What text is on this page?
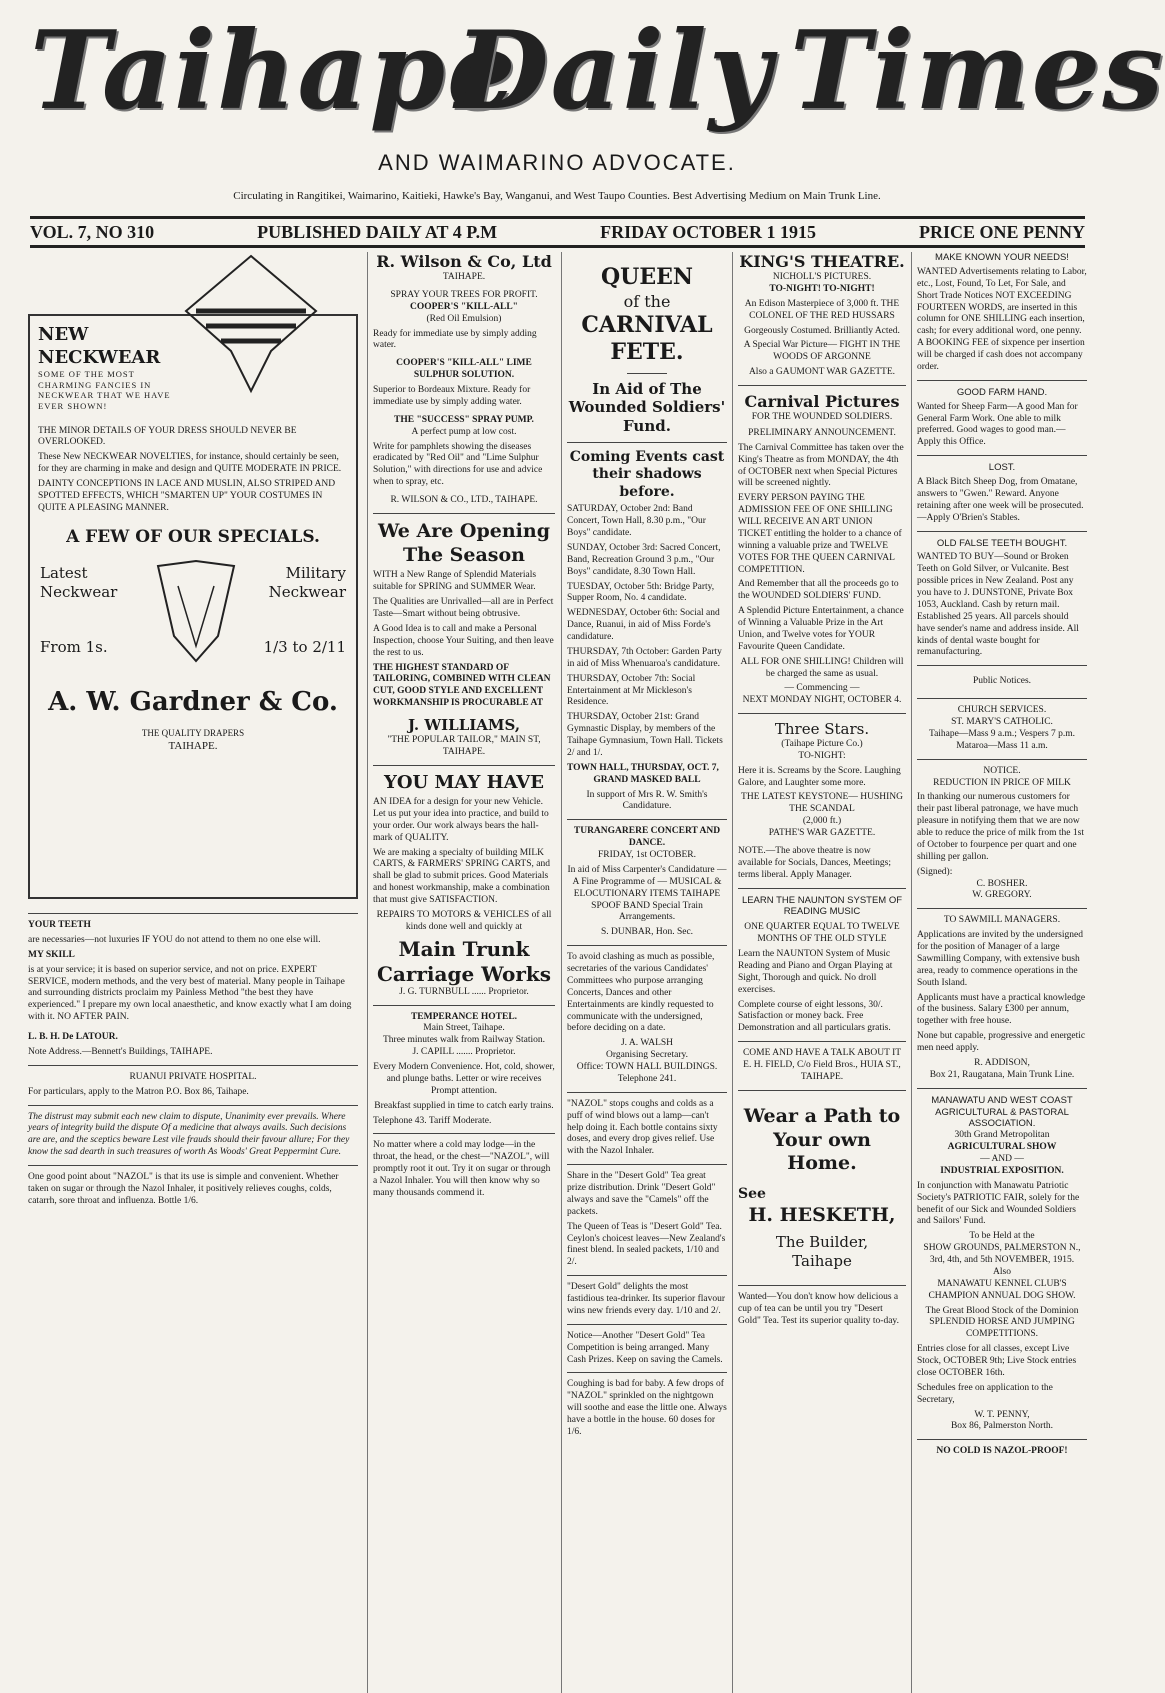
Taihape
Daily Times
AND WAIMARINO ADVOCATE.
Circulating in Rangitikei, Waimarino, Kaitieki, Hawke's Bay, Wanganui, and West Taupo Counties. Best Advertising Medium on Main Trunk Line.
VOL. 7, NO 310	PUBLISHED DAILY AT 4 P.M	FRIDAY OCTOBER 1 1915	PRICE ONE PENNY
NEW NECKWEAR
SOME OF THE MOST CHARMING FANCIES IN NECKWEAR THAT WE HAVE EVER SHOWN!

THE MINOR DETAILS OF YOUR DRESS SHOULD NEVER BE OVERLOOKED.

These New NECKWEAR NOVELTIES, for instance, should certainly be seen, for they are charming in make and design and QUITE MODERATE IN PRICE.

DAINTY CONCEPTIONS IN LACE AND MUSLIN, ALSO STRIPED AND SPOTTED EFFECTS, WHICH "SMARTEN UP" YOUR COSTUMES IN QUITE A PLEASING MANNER.

A FEW OF OUR SPECIALS.
Latest Neckwear
From 1s.
Military Neckwear
1/3 to 2/11
A. W. Gardner & Co.
THE QUALITY DRAPERS
TAIHAPE.
YOUR TEETH

are necessaries—not luxuries IF YOU do not attend to them no one else will.

MY SKILL

is at your service; it is based on superior service, and not on price. EXPERT SERVICE, modern methods, and the very best of material. Many people in Taihape and surrounding districts proclaim my Painless Method "the best they have experienced." I prepare my own local anaesthetic, and know exactly what I am doing with it. NO AFTER PAIN.

L. B. H. De LATOUR.

Note Address.—Bennett's Buildings, TAIHAPE.

RUANUI PRIVATE HOSPITAL.

For particulars, apply to the Matron P.O. Box 86, Taihape.

The distrust may submit each new claim to dispute, Unanimity ever prevails. Where years of integrity build the dispute Of a medicine that always avails. Such decisions are are, and the sceptics beware Lest vile frauds should their favour allure; For they know the sad dearth in such treasures of worth As Woods' Great Peppermint Cure.

One good point about "NAZOL" is that its use is simple and convenient. Whether taken on sugar or through the Nazol Inhaler, it positively relieves coughs, colds, catarrh, sore throat and influenza. Bottle 1/6.

R. Wilson & Co, Ltd
TAIHAPE.
SPRAY YOUR TREES FOR PROFIT.
COOPER'S "KILL-ALL"
(Red Oil Emulsion)

Ready for immediate use by simply adding water.

COOPER'S "KILL-ALL" LIME SULPHUR SOLUTION.

Superior to Bordeaux Mixture. Ready for immediate use by simply adding water.

THE "SUCCESS" SPRAY PUMP.
A perfect pump at low cost.

Write for pamphlets showing the diseases eradicated by "Red Oil" and "Lime Sulphur Solution," with directions for use and advice when to spray, etc.

R. WILSON & CO., LTD., TAIHAPE.
We Are Opening The Season

WITH a New Range of Splendid Materials suitable for SPRING and SUMMER Wear.

The Qualities are Unrivalled—all are in Perfect Taste—Smart without being obtrusive.

A Good Idea is to call and make a Personal Inspection, choose Your Suiting, and then leave the rest to us.

THE HIGHEST STANDARD OF TAILORING, COMBINED WITH CLEAN CUT, GOOD STYLE AND EXCELLENT WORKMANSHIP IS PROCURABLE AT

J. WILLIAMS,
"THE POPULAR TAILOR," MAIN ST, TAIHAPE.
YOU MAY HAVE

AN IDEA for a design for your new Vehicle. Let us put your idea into practice, and build to your order. Our work always bears the hall-mark of QUALITY.

We are making a specialty of building MILK CARTS, & FARMERS' SPRING CARTS, and shall be glad to submit prices. Good Materials and honest workmanship, make a combination that must give SATISFACTION.

REPAIRS TO MOTORS & VEHICLES of all kinds done well and quickly at

Main Trunk Carriage Works
J. G. TURNBULL ...... Proprietor.
TEMPERANCE HOTEL.
Main Street, Taihape.
Three minutes walk from Railway Station.
J. CAPILL ....... Proprietor.

Every Modern Convenience. Hot, cold, shower, and plunge baths. Letter or wire receives Prompt attention.

Breakfast supplied in time to catch early trains.

Telephone 43. Tariff Moderate.

No matter where a cold may lodge—in the throat, the head, or the chest—"NAZOL", will promptly root it out. Try it on sugar or through a Nazol Inhaler. You will then know why so many thousands commend it.

QUEEN
of the
CARNIVAL
FETE.
In Aid of The
Wounded Soldiers' Fund.
Coming Events cast their shadows before.

SATURDAY, October 2nd: Band Concert, Town Hall, 8.30 p.m., "Our Boys" candidate.

SUNDAY, October 3rd: Sacred Concert, Band, Recreation Ground 3 p.m., "Our Boys" candidate, 8.30 Town Hall.

TUESDAY, October 5th: Bridge Party, Supper Room, No. 4 candidate.

WEDNESDAY, October 6th: Social and Dance, Ruanui, in aid of Miss Forde's candidature.

THURSDAY, 7th October: Garden Party in aid of Miss Whenuaroa's candidature.

THURSDAY, October 7th: Social Entertainment at Mr Mickleson's Residence.

THURSDAY, October 21st: Grand Gymnastic Display, by members of the Taihape Gymnasium, Town Hall. Tickets 2/ and 1/.

TOWN HALL, THURSDAY, OCT. 7,
GRAND MASKED BALL

In support of Mrs R. W. Smith's Candidature.

TURANGARERE CONCERT AND DANCE.
FRIDAY, 1st OCTOBER.

In aid of Miss Carpenter's Candidature — A Fine Programme of — MUSICAL & ELOCUTIONARY ITEMS TAIHAPE SPOOF BAND Special Train Arrangements.

S. DUNBAR, Hon. Sec.

To avoid clashing as much as possible, secretaries of the various Candidates' Committees who purpose arranging Concerts, Dances and other Entertainments are kindly requested to communicate with the undersigned, before deciding on a date.

J. A. WALSH
Organising Secretary.
Office: TOWN HALL BUILDINGS. Telephone 241.

"NAZOL" stops coughs and colds as a puff of wind blows out a lamp—can't help doing it. Each bottle contains sixty doses, and every drop gives relief. Use with the Nazol Inhaler.

Share in the "Desert Gold" Tea great prize distribution. Drink "Desert Gold" always and save the "Camels" off the packets.

The Queen of Teas is "Desert Gold" Tea. Ceylon's choicest leaves—New Zealand's finest blend. In sealed packets, 1/10 and 2/.

"Desert Gold" delights the most fastidious tea-drinker. Its superior flavour wins new friends every day. 1/10 and 2/.

Notice—Another "Desert Gold" Tea Competition is being arranged. Many Cash Prizes. Keep on saving the Camels.

Coughing is bad for baby. A few drops of "NAZOL" sprinkled on the nightgown will soothe and ease the little one. Always have a bottle in the house. 60 doses for 1/6.

KING'S THEATRE.
NICHOLL'S PICTURES.
TO-NIGHT! TO-NIGHT!

An Edison Masterpiece of 3,000 ft. THE COLONEL OF THE RED HUSSARS

Gorgeously Costumed. Brilliantly Acted.

A Special War Picture— FIGHT IN THE WOODS OF ARGONNE

Also a GAUMONT WAR GAZETTE.
Carnival Pictures
FOR THE WOUNDED SOLDIERS.
PRELIMINARY ANNOUNCEMENT.

The Carnival Committee has taken over the King's Theatre as from MONDAY, the 4th of OCTOBER next when Special Pictures will be screened nightly.

EVERY PERSON PAYING THE ADMISSION FEE OF ONE SHILLING WILL RECEIVE AN ART UNION TICKET entitling the holder to a chance of winning a valuable prize and TWELVE VOTES FOR THE QUEEN CARNIVAL COMPETITION.

And Remember that all the proceeds go to the WOUNDED SOLDIERS' FUND.

A Splendid Picture Entertainment, a chance of Winning a Valuable Prize in the Art Union, and Twelve votes for YOUR Favourite Queen Candidate.

ALL FOR ONE SHILLING! Children will be charged the same as usual.

— Commencing —
NEXT MONDAY NIGHT, OCTOBER 4.
Three Stars.
(Taihape Picture Co.)
TO-NIGHT:

Here it is. Screams by the Score. Laughing Galore, and Laughter some more.

THE LATEST KEYSTONE— HUSHING THE SCANDAL
(2,000 ft.)
PATHE'S WAR GAZETTE.

NOTE.—The above theatre is now available for Socials, Dances, Meetings; terms liberal. Apply Manager.

LEARN THE NAUNTON SYSTEM OF READING MUSIC
ONE QUARTER EQUAL TO TWELVE MONTHS OF THE OLD STYLE

Learn the NAUNTON System of Music Reading and Piano and Organ Playing at Sight, Thorough and quick. No droll exercises.

Complete course of eight lessons, 30/. Satisfaction or money back. Free Demonstration and all particulars gratis.

COME AND HAVE A TALK ABOUT IT
E. H. FIELD, C/o Field Bros., HUIA ST., TAIHAPE.
Wear a Path to Your own Home.
See
H. HESKETH,
The Builder,
Taihape

Wanted—You don't know how delicious a cup of tea can be until you try "Desert Gold" Tea. Test its superior quality to-day.

MAKE KNOWN YOUR NEEDS!

WANTED Advertisements relating to Labor, etc., Lost, Found, To Let, For Sale, and Short Trade Notices NOT EXCEEDING FOURTEEN WORDS, are inserted in this column for ONE SHILLING each insertion, cash; for every additional word, one penny. A BOOKING FEE of sixpence per insertion will be charged if cash does not accompany order.

GOOD FARM HAND.

Wanted for Sheep Farm—A good Man for General Farm Work. One able to milk preferred. Good wages to good man.—Apply this Office.

LOST.

A Black Bitch Sheep Dog, from Omatane, answers to "Gwen." Reward. Anyone retaining after one week will be prosecuted.—Apply O'Brien's Stables.

OLD FALSE TEETH BOUGHT.

WANTED TO BUY—Sound or Broken Teeth on Gold Silver, or Vulcanite. Best possible prices in New Zealand. Post any you have to J. DUNSTONE, Private Box 1053, Auckland. Cash by return mail. Established 25 years. All parcels should have sender's name and address inside. All kinds of dental waste bought for remanufacturing.

Public Notices.
CHURCH SERVICES.
ST. MARY'S CATHOLIC.
Taihape—Mass 9 a.m.; Vespers 7 p.m. Mataroa—Mass 11 a.m.
NOTICE.
REDUCTION IN PRICE OF MILK

In thanking our numerous customers for their past liberal patronage, we have much pleasure in notifying them that we are now able to reduce the price of milk from the 1st of October to fourpence per quart and one shilling per gallon.

(Signed):
C. BOSHER.
W. GREGORY.
TO SAWMILL MANAGERS.

Applications are invited by the undersigned for the position of Manager of a large Sawmilling Company, with extensive bush area, ready to commence operations in the South Island.

Applicants must have a practical knowledge of the business. Salary £300 per annum, together with free house.

None but capable, progressive and energetic men need apply.

R. ADDISON,
Box 21, Raugatana, Main Trunk Line.
MANAWATU AND WEST COAST AGRICULTURAL & PASTORAL ASSOCIATION.
30th Grand Metropolitan
AGRICULTURAL SHOW
— AND —
INDUSTRIAL EXPOSITION.

In conjunction with Manawatu Patriotic Society's PATRIOTIC FAIR, solely for the benefit of our Sick and Wounded Soldiers and Sailors' Fund.

To be Held at the
SHOW GROUNDS, PALMERSTON N.,
3rd, 4th, and 5th NOVEMBER, 1915.
Also
MANAWATU KENNEL CLUB'S CHAMPION ANNUAL DOG SHOW.

The Great Blood Stock of the Dominion SPLENDID HORSE AND JUMPING COMPETITIONS.

Entries close for all classes, except Live Stock, OCTOBER 9th; Live Stock entries close OCTOBER 16th.

Schedules free on application to the Secretary,

W. T. PENNY,
Box 86, Palmerston North.
NO COLD IS NAZOL-PROOF!
